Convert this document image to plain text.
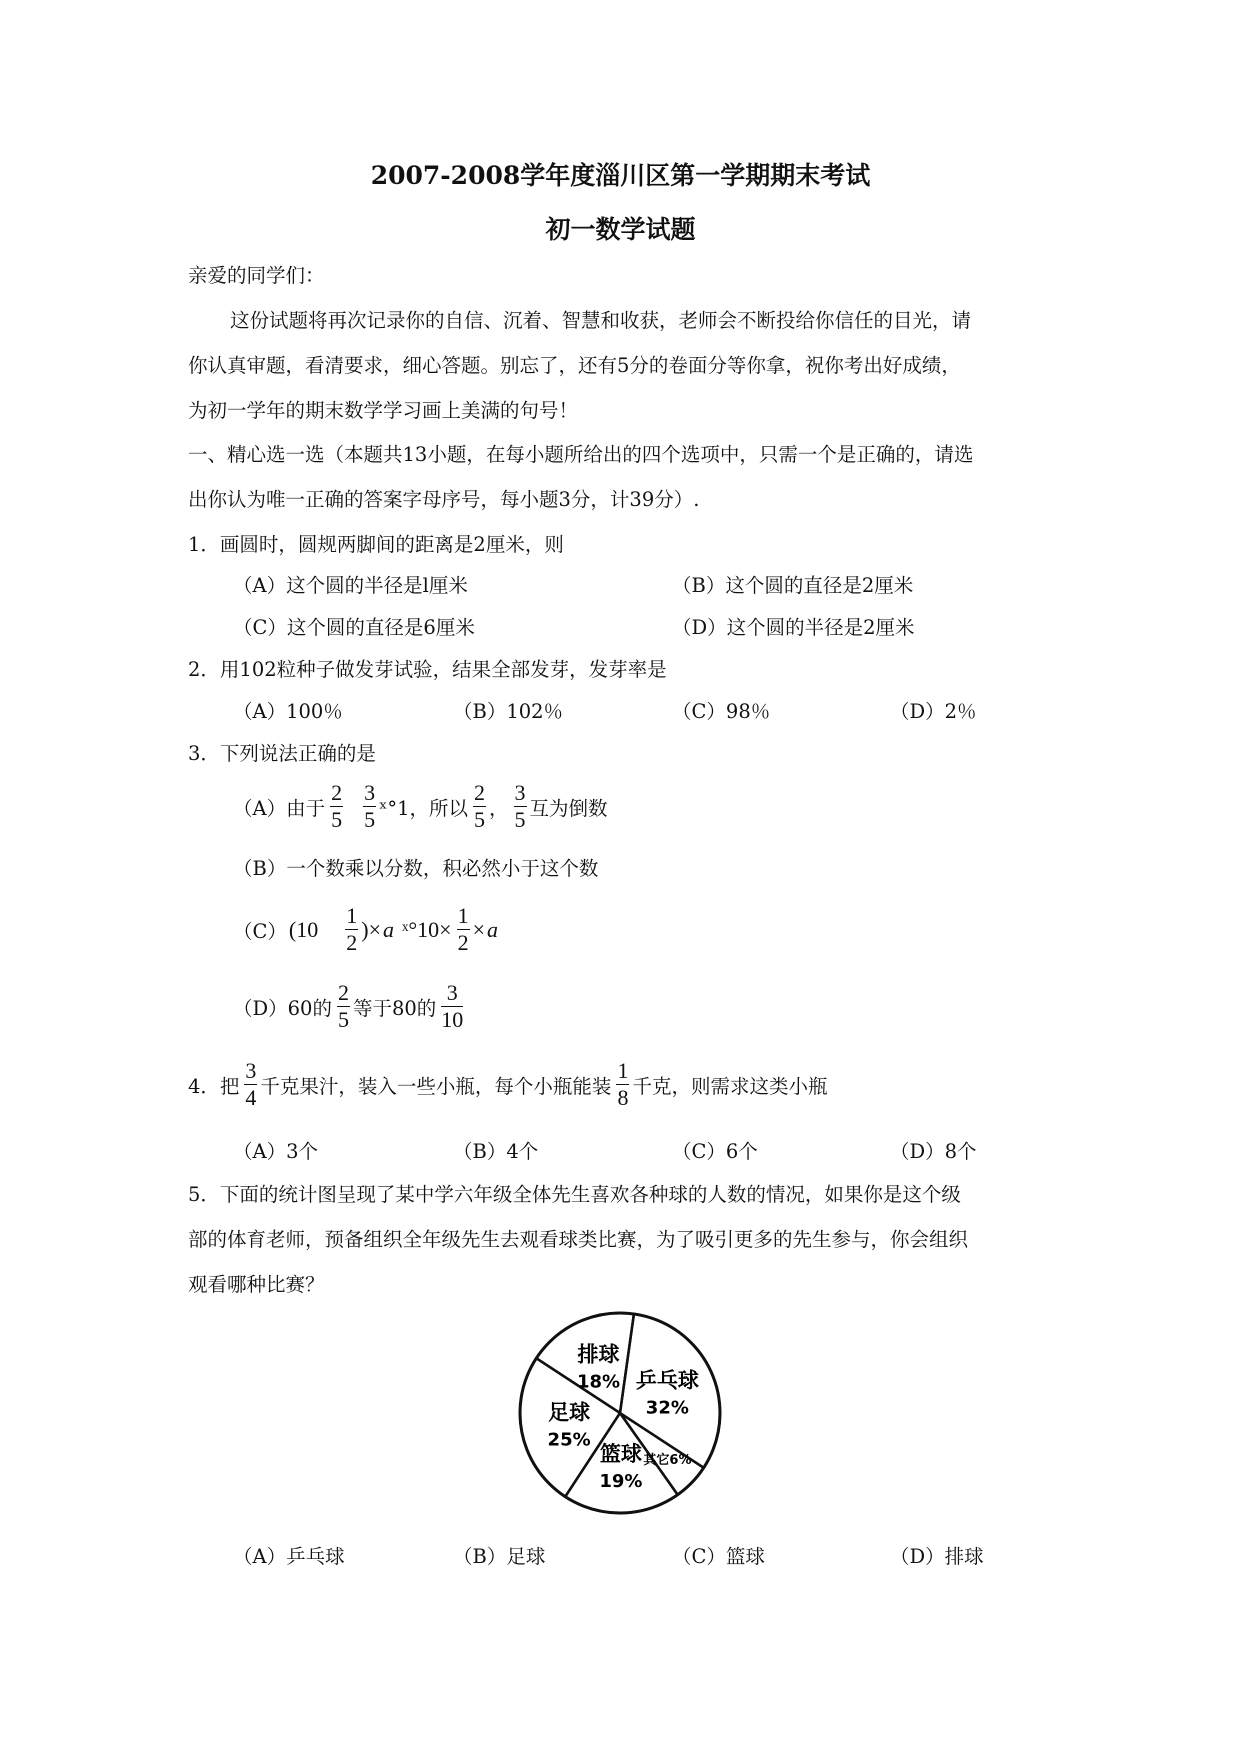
2007-2008学年度淄川区第一学期期末考试
初一数学试题
亲爱的同学们：
这份试题将再次记录你的自信、沉着、智慧和收获，老师会不断投给你信任的目光，请
你认真审题，看清要求，细心答题。别忘了，还有5分的卷面分等你拿，祝你考出好成绩，
为初一学年的期末数学学习画上美满的句号！
一、精心选一选（本题共13小题，在每小题所给出的四个选项中，只需一个是正确的，请选
出你认为唯一正确的答案字母序号，每小题3分，计39分）.
1．画圆时，圆规两脚间的距离是2厘米，则
（A）这个圆的半径是l厘米	（B）这个圆的直径是2厘米
（C）这个圆的直径是6厘米	（D）这个圆的半径是2厘米
2．用102粒种子做发芽试验，结果全部发芽，发芽率是
（A）100％	（B）102％	（C）98％	（D）2％
3．下列说法正确的是
（A）由于 $\frac{2}{5} \frac{3}{5}$ ˣ°1，所以 $\frac{2}{5}$ ， $\frac{3}{5}$ 互为倒数
（B）一个数乘以分数，积必然小于这个数
（C） ($10 \frac{1}{2}$ )× a ˣ°10× $\frac{1}{2} \times a$
（D）60的 $\frac{2}{5}$ 等于80的 $\frac{3}{10}$
4．把 $\frac{3}{4}$ 千克果汁，装入一些小瓶，每个小瓶能装 $\frac{1}{8}$ 千克，则需求这类小瓶
（A）3个	（B）4个	（C）6个	（D）8个
5．下面的统计图呈现了某中学六年级全体先生喜欢各种球的人数的情况，如果你是这个级
部的体育老师，预备组织全年级先生去观看球类比赛，为了吸引更多的先生参与，你会组织
观看哪种比赛？
乒乓球
32%
其它6%
篮球
19%
足球
25%
排球
18%
（A）乒乓球	（B）足球	（C）篮球	（D）排球
